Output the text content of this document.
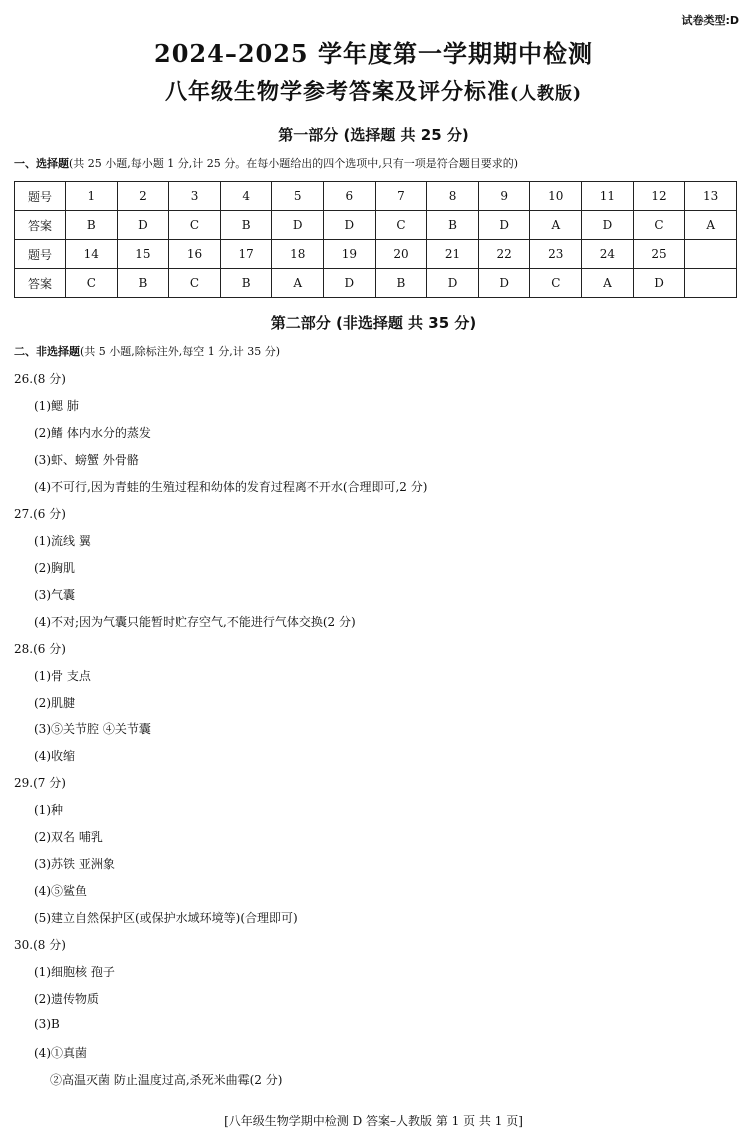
试卷类型:D
2024–2025 学年度第一学期期中检测
八年级生物学参考答案及评分标准(人教版)
第一部分 (选择题 共 25 分)
一、选择题(共 25 小题,每小题 1 分,计 25 分。在每小题给出的四个选项中,只有一项是符合题目要求的)
题号	1	2	3	4	5	6	7	8	9	10	11	12	13
答案	B	D	C	B	D	D	C	B	D	A	D	C	A
题号	14	15	16	17	18	19	20	21	22	23	24	25	
答案	C	B	C	B	A	D	B	D	D	C	A	D	
第二部分 (非选择题 共 35 分)
二、非选择题(共 5 小题,除标注外,每空 1 分,计 35 分)
26.(8 分)
(1)鳃 肺
(2)鳍 体内水分的蒸发
(3)虾、螃蟹 外骨骼
(4)不可行,因为青蛙的生殖过程和幼体的发育过程离不开水(合理即可,2 分)
27.(6 分)
(1)流线 翼
(2)胸肌
(3)气囊
(4)不对;因为气囊只能暂时贮存空气,不能进行气体交换(2 分)
28.(6 分)
(1)骨 支点
(2)肌腱
(3)⑤关节腔 ④关节囊
(4)收缩
29.(7 分)
(1)种
(2)双名 哺乳
(3)苏铁 亚洲象
(4)⑤鲨鱼
(5)建立自然保护区(或保护水域环境等)(合理即可)
30.(8 分)
(1)细胞核 孢子
(2)遗传物质
(3)B
(4)①真菌
②高温灭菌 防止温度过高,杀死米曲霉(2 分)
[八年级生物学期中检测 D 答案–人教版 第 1 页 共 1 页]
